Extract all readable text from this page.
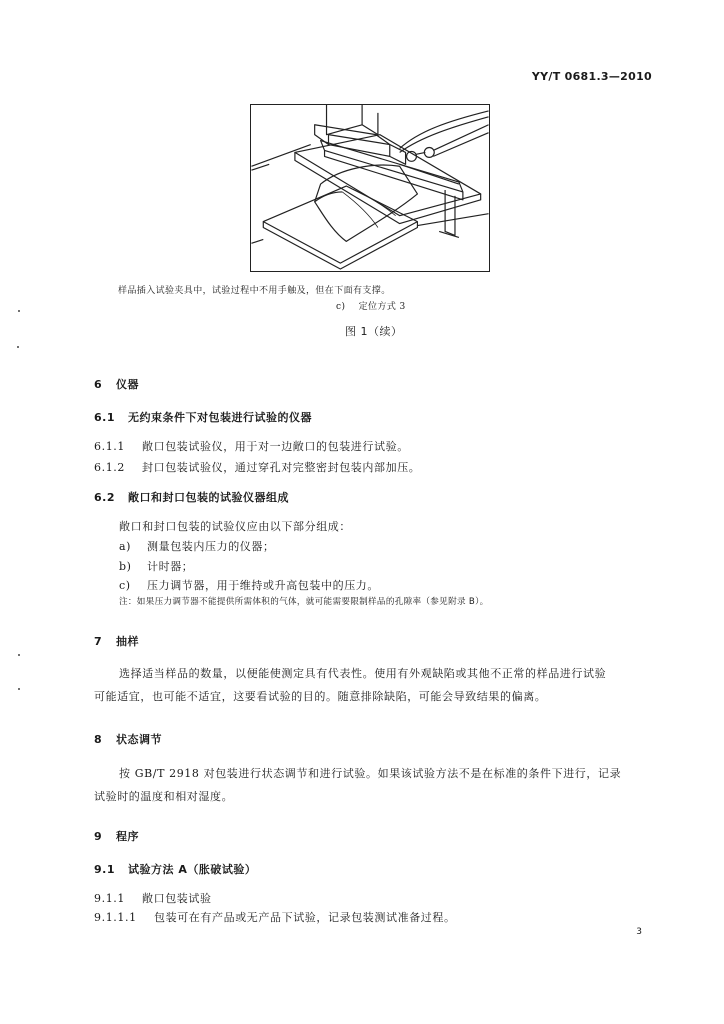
YY/T 0681.3—2010
样品插入试验夹具中，试验过程中不用手触及，但在下面有支撑。
c) 定位方式 3
图 1（续）
6 仪器
6.1 无约束条件下对包装进行试验的仪器
6.1.1 敞口包装试验仪，用于对一边敞口的包装进行试验。
6.1.2 封口包装试验仪，通过穿孔对完整密封包装内部加压。
6.2 敞口和封口包装的试验仪器组成
敞口和封口包装的试验仪应由以下部分组成：
a) 测量包装内压力的仪器；
b) 计时器；
c) 压力调节器，用于维持或升高包装中的压力。
注：如果压力调节器不能提供所需体积的气体，就可能需要限制样品的孔隙率（参见附录 B）。
7 抽样
选择适当样品的数量，以便能使测定具有代表性。使用有外观缺陷或其他不正常的样品进行试验
可能适宜，也可能不适宜，这要看试验的目的。随意排除缺陷，可能会导致结果的偏离。
8 状态调节
按 GB/T 2918 对包装进行状态调节和进行试验。如果该试验方法不是在标准的条件下进行，记录
试验时的温度和相对湿度。
9 程序
9.1 试验方法 A（胀破试验）
9.1.1 敞口包装试验
9.1.1.1 包装可在有产品或无产品下试验，记录包装测试准备过程。
3
